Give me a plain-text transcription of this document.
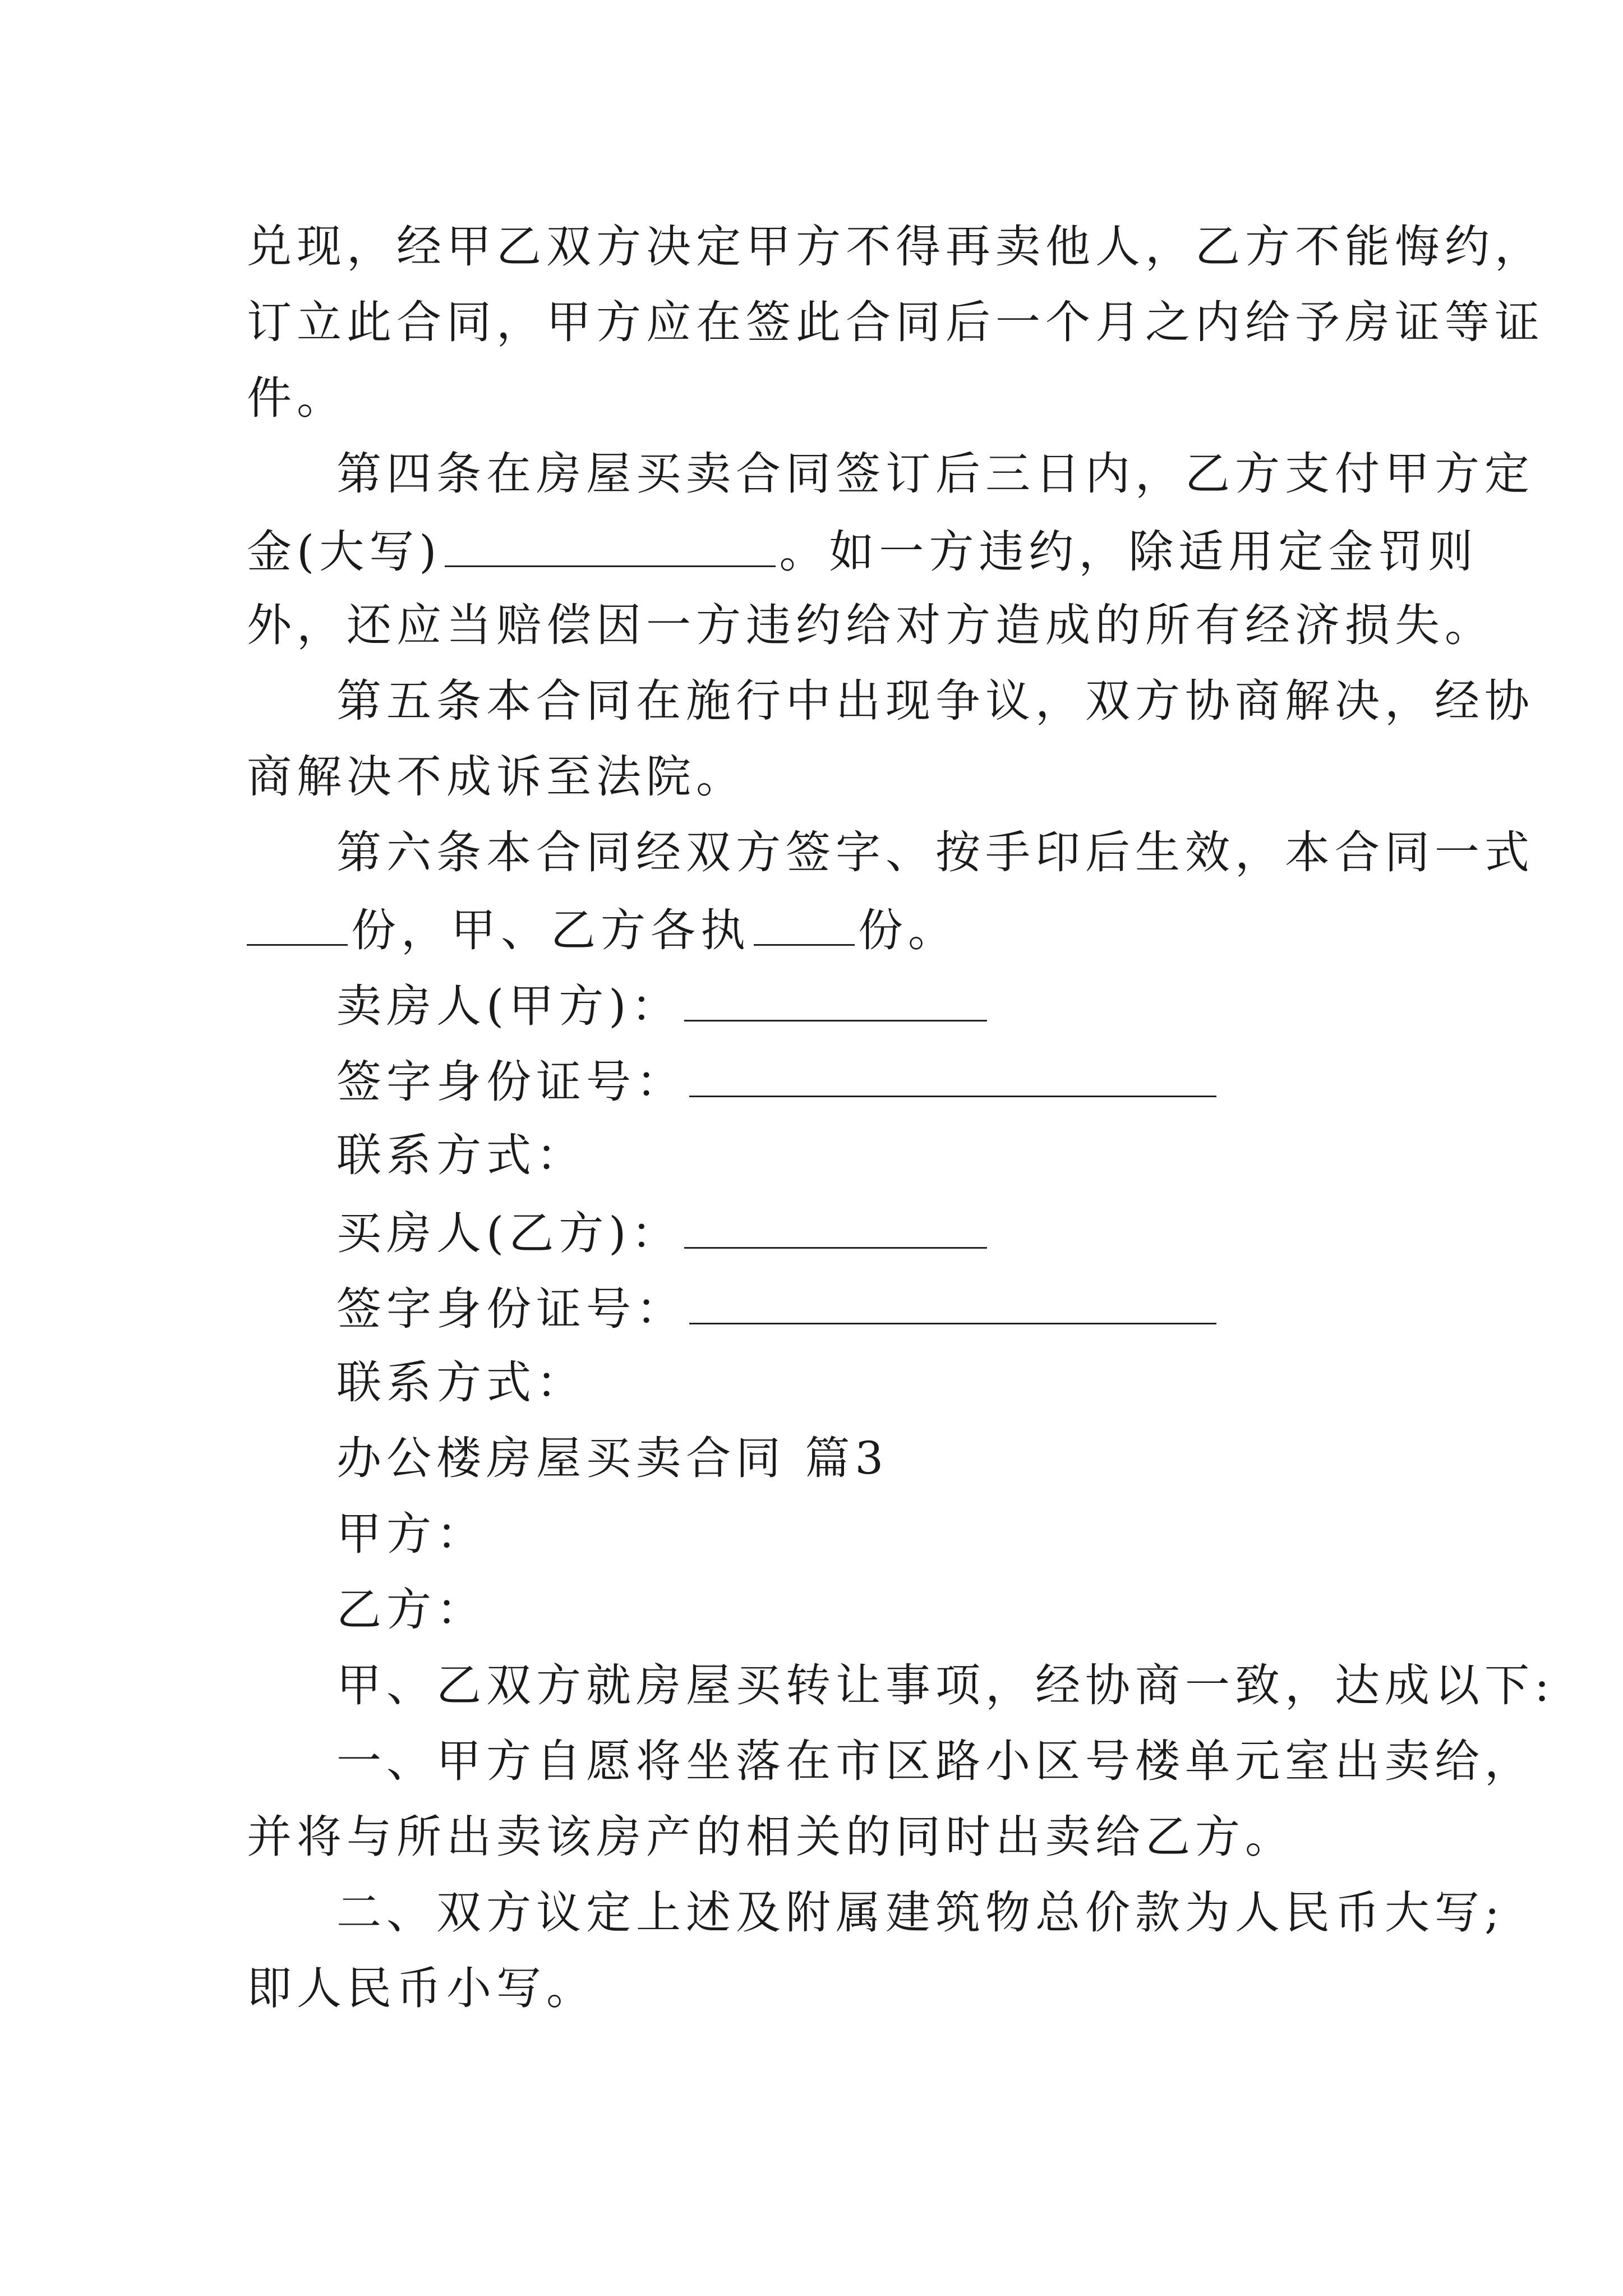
兑现，经甲乙双方决定甲方不得再卖他人，乙方不能悔约，
订立此合同，甲方应在签此合同后一个月之内给予房证等证
件。
第四条在房屋买卖合同签订后三日内，乙方支付甲方定
金(大写)	。如一方违约，除适用定金罚则
外，还应当赔偿因一方违约给对方造成的所有经济损失。
第五条本合同在施行中出现争议，双方协商解决，经协
商解决不成诉至法院。
第六条本合同经双方签字、按手印后生效，本合同一式
份，甲、乙方各执 份。
卖房人(甲方)：
签字身份证号：
联系方式：
买房人(乙方)：
签字身份证号：
联系方式：
办公楼房屋买卖合同 篇3
甲方：
乙方：
甲、乙双方就房屋买转让事项，经协商一致，达成以下:
一、甲方自愿将坐落在市区路小区号楼单元室出卖给，
并将与所出卖该房产的相关的同时出卖给乙方。
二、双方议定上述及附属建筑物总价款为人民币大写;
即人民币小写。
